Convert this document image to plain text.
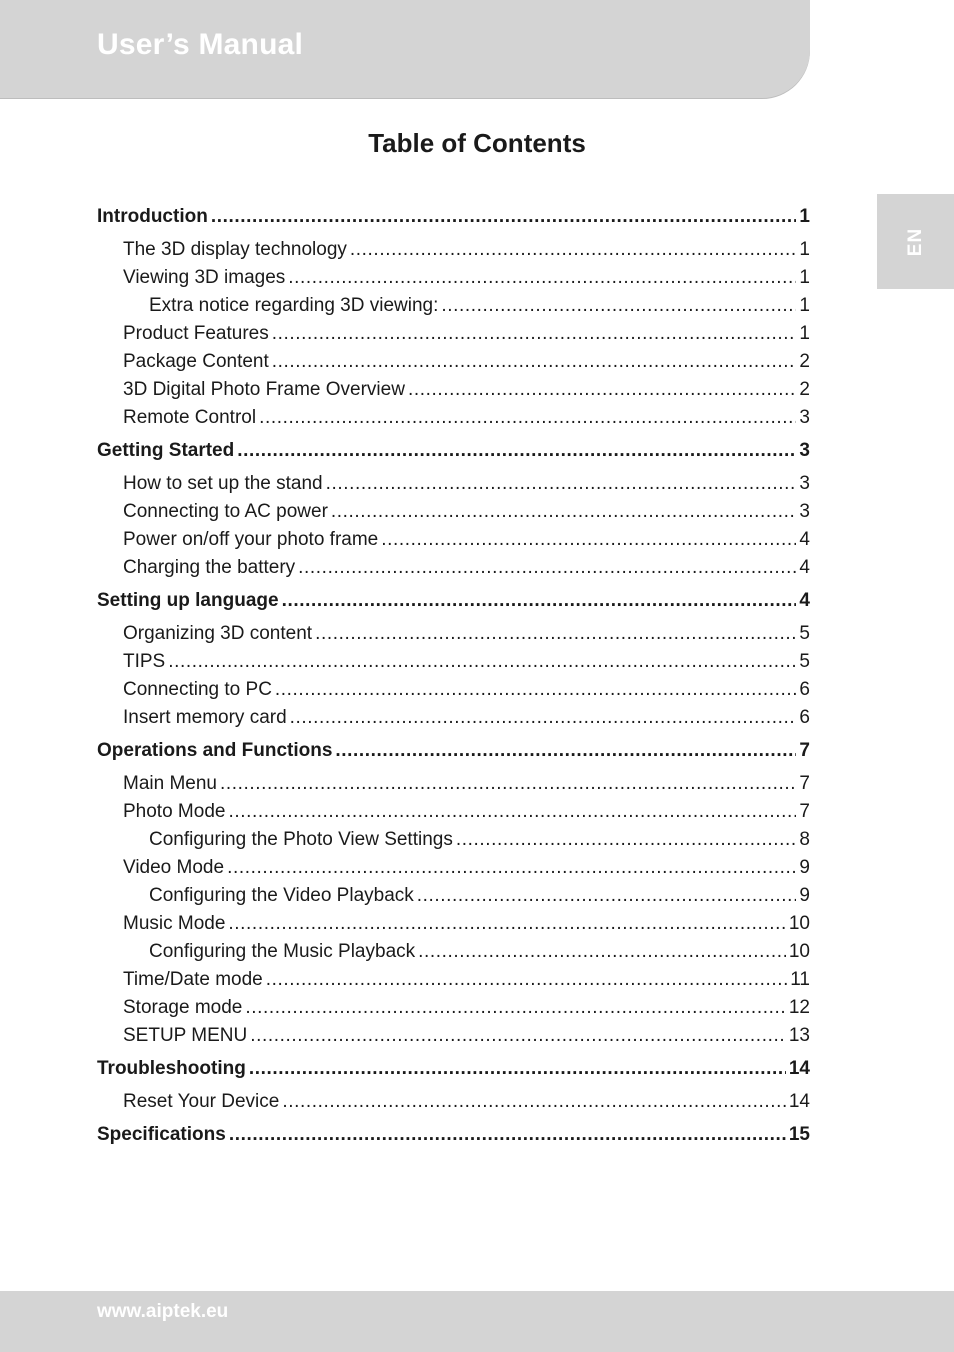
User’s Manual
EN
Table of Contents
Introduction .....	1
The 3D display technology .....	1
Viewing 3D images .....	1
Extra notice regarding 3D viewing: .....	1
Product Features .....	1
Package Content .....	2
3D Digital Photo Frame Overview .....	2
Remote Control .....	3
Getting Started .....	3
How to set up the stand .....	3
Connecting to AC power .....	3
Power on/off your photo frame .....	4
Charging the battery .....	4
Setting up language .....	4
Organizing 3D content .....	5
TIPS .....	5
Connecting to PC .....	6
Insert memory card .....	6
Operations and Functions .....	7
Main Menu .....	7
Photo Mode .....	7
Configuring the Photo View Settings .....	8
Video Mode .....	9
Configuring the Video Playback .....	9
Music Mode .....	10
Configuring the Music Playback .....	10
Time/Date mode .....	11
Storage mode .....	12
SETUP MENU .....	13
Troubleshooting .....	14
Reset Your Device .....	14
Specifications .....	15
www.aiptek.eu
